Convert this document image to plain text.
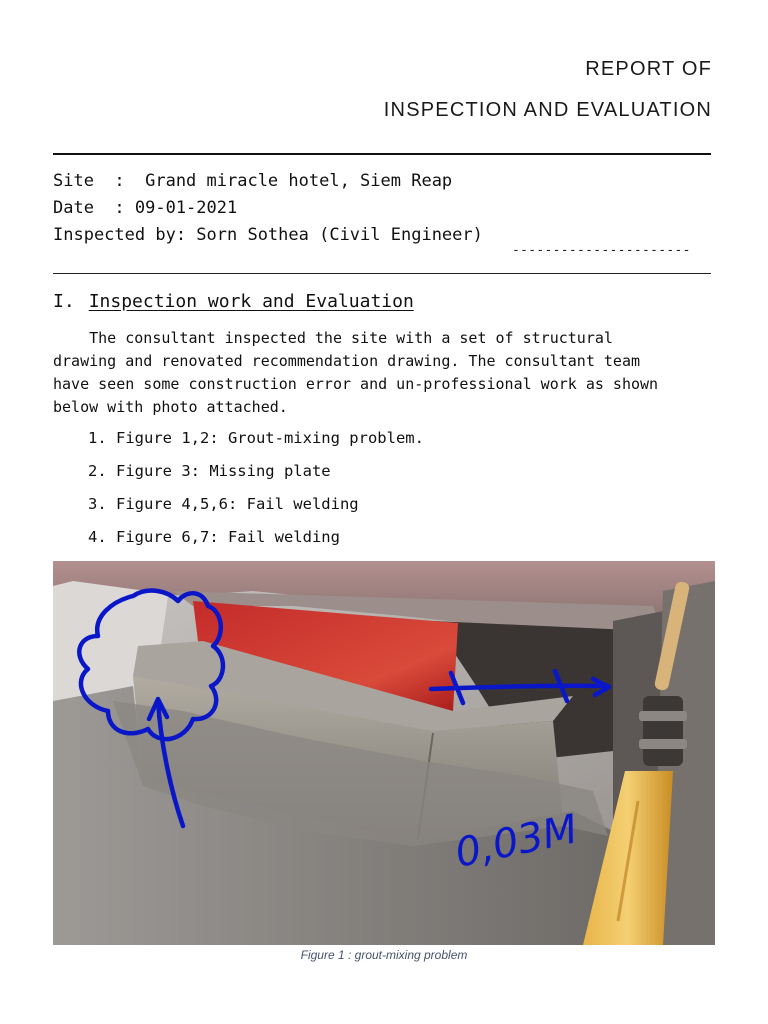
REPORT OF
INSPECTION AND EVALUATION
Site  :  Grand miracle hotel, Siem Reap
Date  : 09-01-2021
Inspected by: Sorn Sothea (Civil Engineer)
----------------------
I. Inspection work and Evaluation
The consultant inspected the site with a set of structural
drawing and renovated recommendation drawing. The consultant team
have seen some construction error and un-professional work as shown
below with photo attached.
1. Figure 1,2: Grout-mixing problem.
2. Figure 3: Missing plate
3. Figure 4,5,6: Fail welding
4. Figure 6,7: Fail welding
0,03M
Figure 1 : grout-mixing problem
